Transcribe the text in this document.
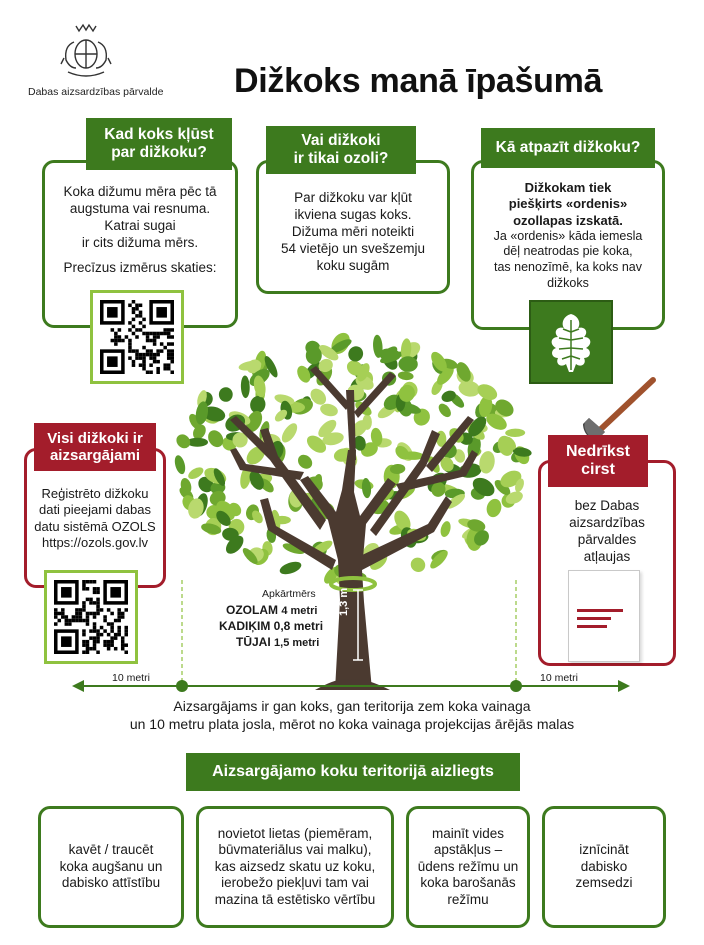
Dabas aizsardzības pārvalde Dižkoks manā īpašumā
Kad koks kļūst
par dižkoku?
Koka dižumu mēra pēc tā
augstuma vai resnuma.
Katrai sugai
ir cits dižuma mērs.
Precīzus izmērus skaties:
Vai dižkoki
ir tikai ozoli?
Par dižkoku var kļūt
ikviena sugas koks.
Dižuma mēri noteikti
54 vietējo un svešzemju
koku sugām
Kā atpazīt dižkoku?
Dižkokam tiek
piešķirts «ordenis»
ozollapas izskatā.
Ja «ordenis» kāda iemesla
dēļ neatrodas pie koka,
tas nenozīmē, ka koks nav
dižkoks
Visi dižkoki ir
aizsargājami
Reģistrēto dižkoku
dati pieejami dabas
datu sistēmā OZOLS
https://ozols.gov.lv
Nedrīkst
cirst
bez Dabas
aizsardzības
pārvaldes
atļaujas
1,3 m
Apkārtmērs
OZOLAM 4 metri
KADIĶIM 0,8 metri
TŪJAI 1,5 metri
10 metri	10 metri
Aizsargājams ir gan koks, gan teritorija zem koka vainaga
un 10 metru plata josla, mērot no koka vainaga projekcijas ārējās malas
Aizsargājamo koku teritorijā aizliegts
kavēt / traucēt
koka augšanu un
dabisko attīstību
novietot lietas (piemēram,
būvmateriālus vai malku),
kas aizsedz skatu uz koku,
ierobežo piekļuvi tam vai
mazina tā estētisko vērtību
mainīt vides
apstākļus –
ūdens režīmu un
koka barošanās
režīmu
iznīcināt
dabisko
zemsedzi
